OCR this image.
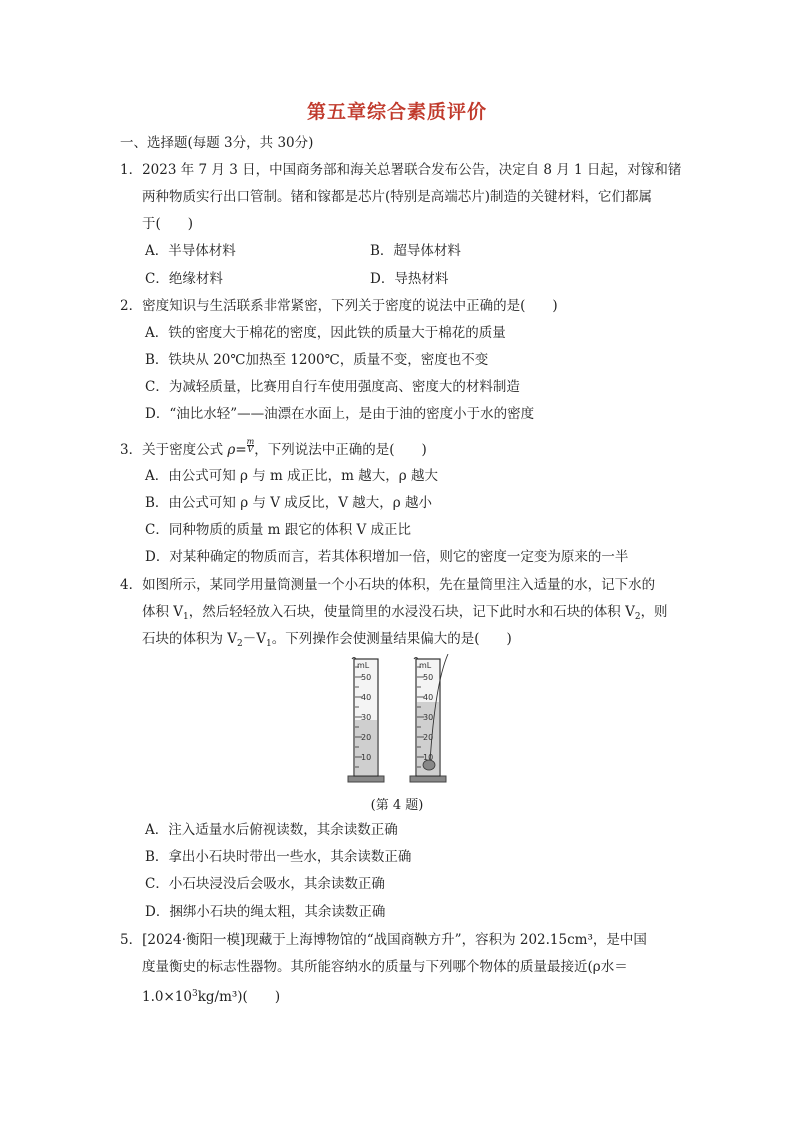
第五章综合素质评价
一、选择题(每题 3分，共 30分)
1．2023 年 7 月 3 日，中国商务部和海关总署联合发布公告，决定自 8 月 1 日起，对镓和锗
两种物质实行出口管制。锗和镓都是芯片(特别是高端芯片)制造的关键材料，它们都属
于(　　)
A．半导体材料	B．超导体材料
C．绝缘材料	D．导热材料
2．密度知识与生活联系非常紧密，下列关于密度的说法中正确的是(　　)
A．铁的密度大于棉花的密度，因此铁的质量大于棉花的质量
B．铁块从 20℃加热至 1200℃，质量不变，密度也不变
C．为减轻质量，比赛用自行车使用强度高、密度大的材料制造
D．“油比水轻”——油漂在水面上，是由于油的密度小于水的密度
3．关于密度公式 $\rho= \frac{m}{V}$ ，下列说法中正确的是(　　)
A．由公式可知 ρ 与 m 成正比，m 越大，ρ 越大
B．由公式可知 ρ 与 V 成反比，V 越大，ρ 越小
C．同种物质的质量 m 跟它的体积 V 成正比
D．对某种确定的物质而言，若其体积增加一倍，则它的密度一定变为原来的一半
4．如图所示，某同学用量筒测量一个小石块的体积，先在量筒里注入适量的水，记下水的
体积 $V_1$，然后轻轻放入石块，使量筒里的水浸没石块，记下此时水和石块的体积 $V_2$，则
石块的体积为 $V_2-V_1$。下列操作会使测量结果偏大的是(　　)
mL
50
40
30
20
10
mL
50
40
30
20
10
(第 4 题)
A．注入适量水后俯视读数，其余读数正确
B．拿出小石块时带出一些水，其余读数正确
C．小石块浸没后会吸水，其余读数正确
D．捆绑小石块的绳太粗，其余读数正确
5．[2024·衡阳一模]现藏于上海博物馆的“战国商鞅方升”，容积为 202.15cm³，是中国
度量衡史的标志性器物。其所能容纳水的质量与下列哪个物体的质量最接近(ρ水＝
$1.0\times 10^3kg/m^3$)(　　)
